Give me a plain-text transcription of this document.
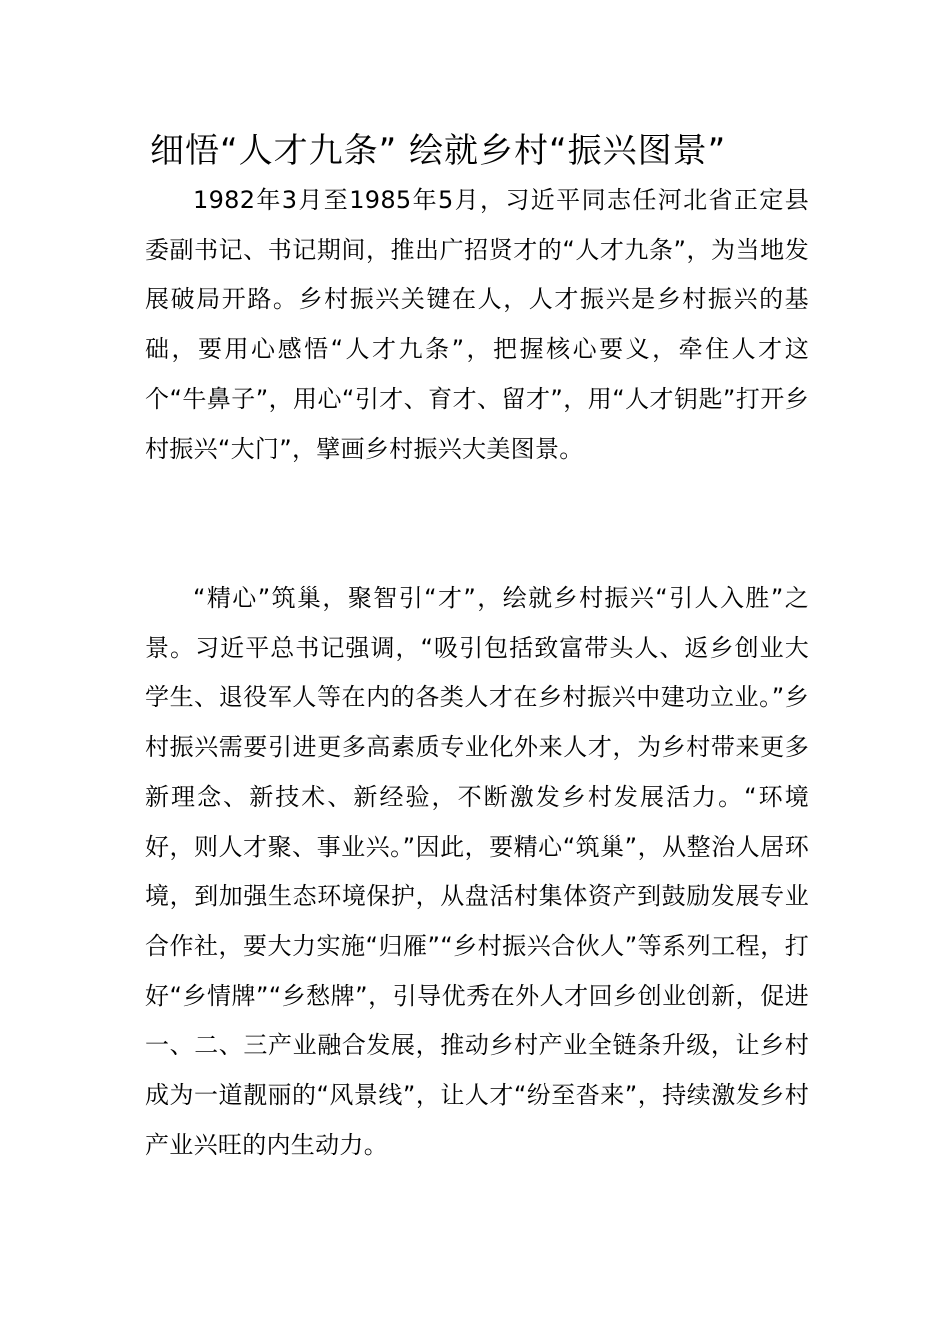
细悟“人才九条” 绘就乡村“振兴图景”

1982年3月至1985年5月，习近平同志任河北省正定县委副书记、书记期间，推出广招贤才的“人才九条”，为当地发展破局开路。乡村振兴关键在人，人才振兴是乡村振兴的基础，要用心感悟“人才九条”，把握核心要义，牵住人才这个“牛鼻子”，用心“引才、育才、留才”，用“人才钥匙”打开乡村振兴“大门”，擘画乡村振兴大美图景。

“精心”筑巢，聚智引“才”，绘就乡村振兴“引人入胜”之景。习近平总书记强调，“吸引包括致富带头人、返乡创业大学生、退役军人等在内的各类人才在乡村振兴中建功立业。”乡村振兴需要引进更多高素质专业化外来人才，为乡村带来更多新理念、新技术、新经验，不断激发乡村发展活力。“环境好，则人才聚、事业兴。”因此，要精心“筑巢”，从整治人居环境，到加强生态环境保护，从盘活村集体资产到鼓励发展专业合作社，要大力实施“归雁”“乡村振兴合伙人”等系列工程，打好“乡情牌”“乡愁牌”，引导优秀在外人才回乡创业创新，促进一、二、三产业融合发展，推动乡村产业全链条升级，让乡村成为一道靓丽的“风景线”，让人才“纷至沓来”，持续激发乡村产业兴旺的内生动力。
